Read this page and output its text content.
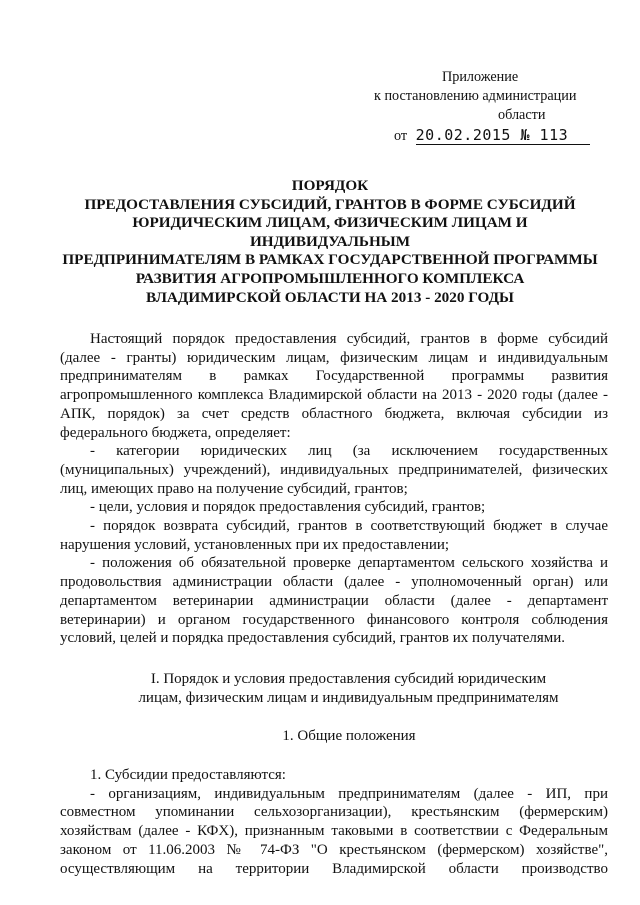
Приложение
к постановлению администрации
области
от 20.02.2015 № 113
ПОРЯДОК
ПРЕДОСТАВЛЕНИЯ СУБСИДИЙ, ГРАНТОВ В ФОРМЕ СУБСИДИЙ
ЮРИДИЧЕСКИМ ЛИЦАМ, ФИЗИЧЕСКИМ ЛИЦАМ И
ИНДИВИДУАЛЬНЫМ
ПРЕДПРИНИМАТЕЛЯМ В РАМКАХ ГОСУДАРСТВЕННОЙ ПРОГРАММЫ
РАЗВИТИЯ АГРОПРОМЫШЛЕННОГО КОМПЛЕКСА
ВЛАДИМИРСКОЙ ОБЛАСТИ НА 2013 - 2020 ГОДЫ

Настоящий порядок предоставления субсидий, грантов в форме субсидий

(далее - гранты) юридическим лицам, физическим лицам и индивидуальным предпринимателям в рамках Государственной программы развития агропромышленного комплекса Владимирской области на 2013 - 2020 годы (далее - АПК, порядок) за счет средств областного бюджета, включая субсидии из федерального бюджета, определяет:

- категории юридических лиц (за исключением государственных

(муниципальных) учреждений), индивидуальных предпринимателей, физических лиц, имеющих право на получение субсидий, грантов;

- цели, условия и порядок предоставления субсидий, грантов;

- порядок возврата субсидий, грантов в соответствующий бюджет в случае

нарушения условий, установленных при их предоставлении;

- положения об обязательной проверке департаментом сельского хозяйства и

продовольствия администрации области (далее - уполномоченный орган) или департаментом ветеринарии администрации области (далее - департамент ветеринарии) и органом государственного финансового контроля соблюдения условий, целей и порядка предоставления субсидий, грантов их получателями.

I. Порядок и условия предоставления субсидий юридическим
лицам, физическим лицам и индивидуальным предпринимателям
1. Общие положения

1. Субсидии предоставляются:

- организациям, индивидуальным предпринимателям (далее - ИП, при

совместном упоминании сельхозорганизации), крестьянским (фермерским) хозяйствам (далее - КФХ), признанным таковыми в соответствии с Федеральным законом от 11.06.2003 № 74-ФЗ "О крестьянском (фермерском) хозяйстве", осуществляющим на территории Владимирской области производство
